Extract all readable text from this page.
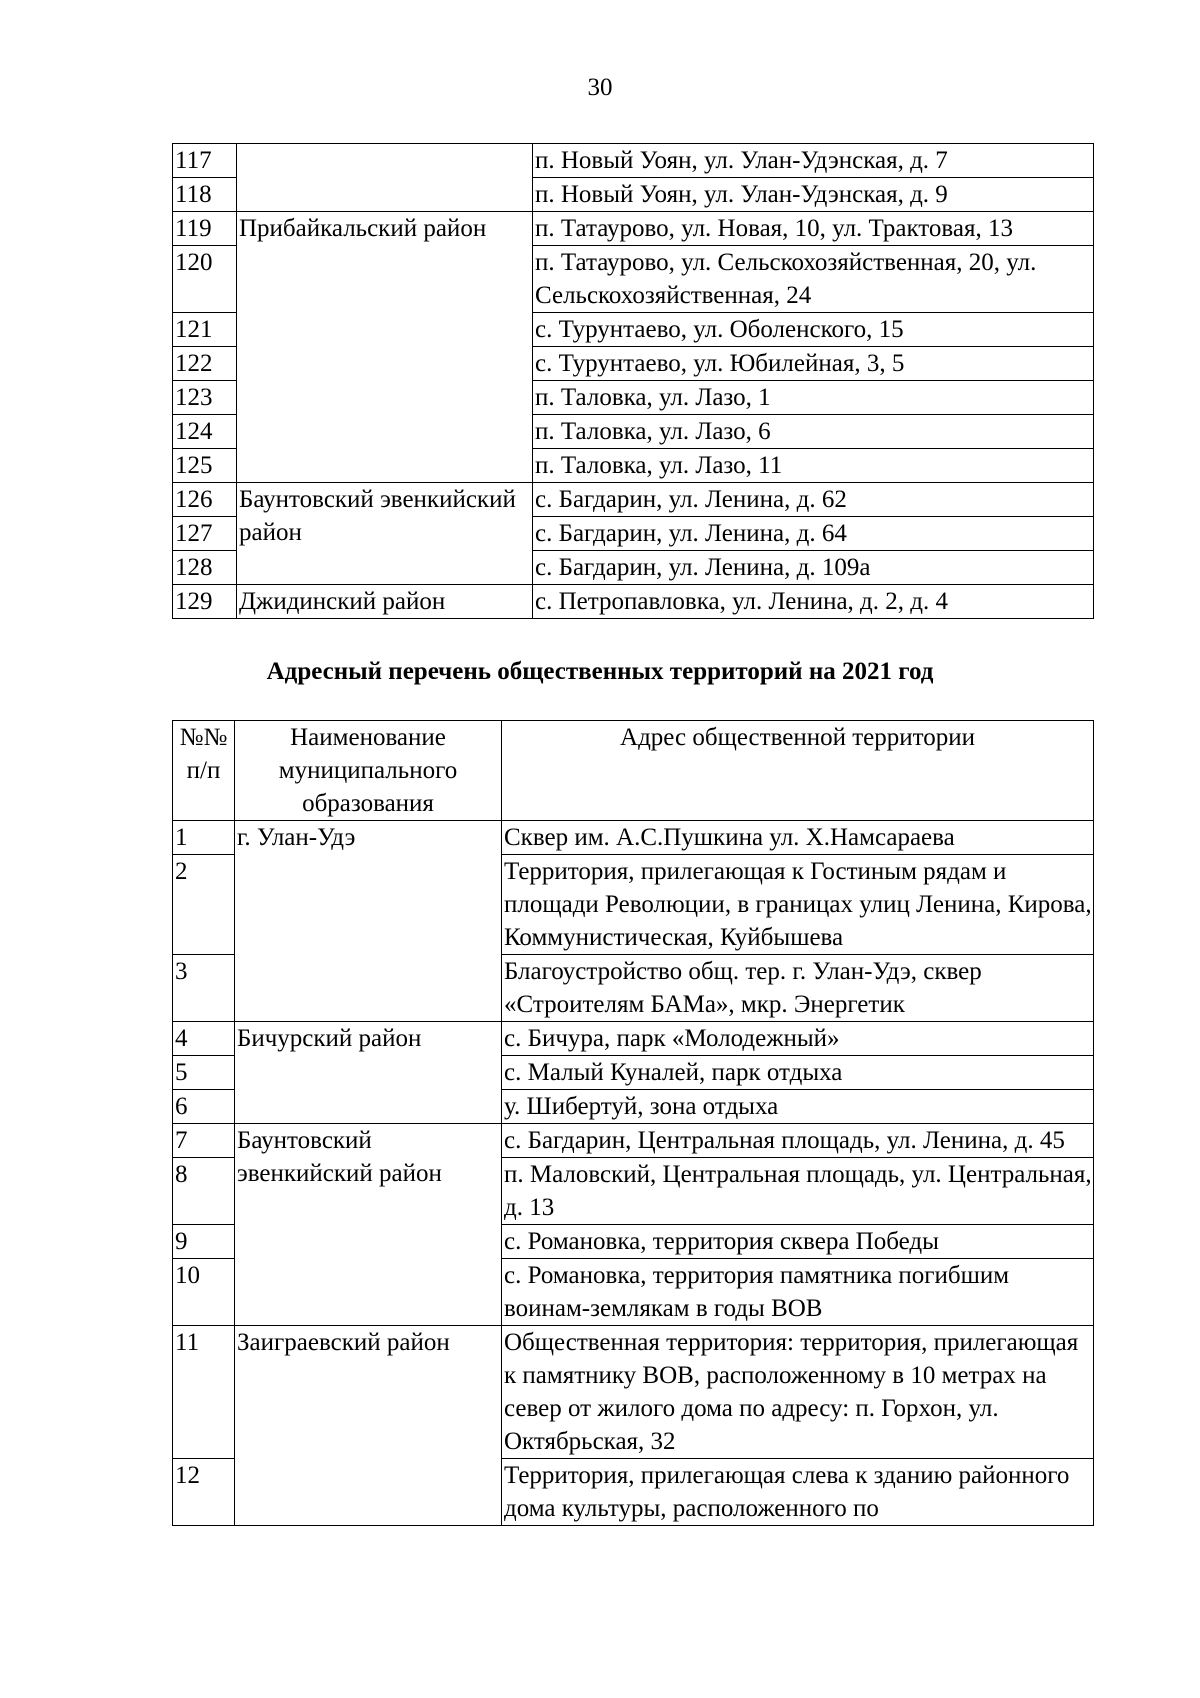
30
117		п. Новый Уоян, ул. Улан-Удэнская, д. 7
118		п. Новый Уоян, ул. Улан-Удэнская, д. 9
119	Прибайкальский район	п. Татаурово, ул. Новая, 10, ул. Трактовая, 13
120		п. Татаурово, ул. Сельскохозяйственная, 20, ул. Сельскохозяйственная, 24
121		с. Турунтаево, ул. Оболенского, 15
122		с. Турунтаево, ул. Юбилейная, 3, 5
123		п. Таловка, ул. Лазо, 1
124		п. Таловка, ул. Лазо, 6
125		п. Таловка, ул. Лазо, 11
126	Баунтовский эвенкийский район	с. Багдарин, ул. Ленина, д. 62
127		с. Багдарин, ул. Ленина, д. 64
128		с. Багдарин, ул. Ленина, д. 109а
129	Джидинский район	с. Петропавловка, ул. Ленина, д. 2, д. 4
Адресный перечень общественных территорий на 2021 год
№№ п/п	Наименование муниципального образования	Адрес общественной территории
1	г. Улан-Удэ	Сквер им. А.С.Пушкина ул. Х.Намсараева
2		Территория, прилегающая к Гостиным рядам и площади Революции, в границах улиц Ленина, Кирова, Коммунистическая, Куйбышева
3		Благоустройство общ. тер. г. Улан-Удэ, сквер «Строителям БАМа», мкр. Энергетик
4	Бичурский район	с. Бичура, парк «Молодежный»
5		с. Малый Куналей, парк отдыха
6		у. Шибертуй, зона отдыха
7	Баунтовский эвенкийский район	с. Багдарин, Центральная площадь, ул. Ленина, д. 45
8		п. Маловский, Центральная площадь, ул. Центральная, д. 13
9		с. Романовка, территория сквера Победы
10		с. Романовка, территория памятника погибшим воинам-землякам в годы ВОВ
11	Заиграевский район	Общественная территория: территория, прилегающая к памятнику ВОВ, расположенному в 10 метрах на север от жилого дома по адресу: п. Горхон, ул. Октябрьская, 32
12		Территория, прилегающая слева к зданию районного дома культуры, расположенного по
